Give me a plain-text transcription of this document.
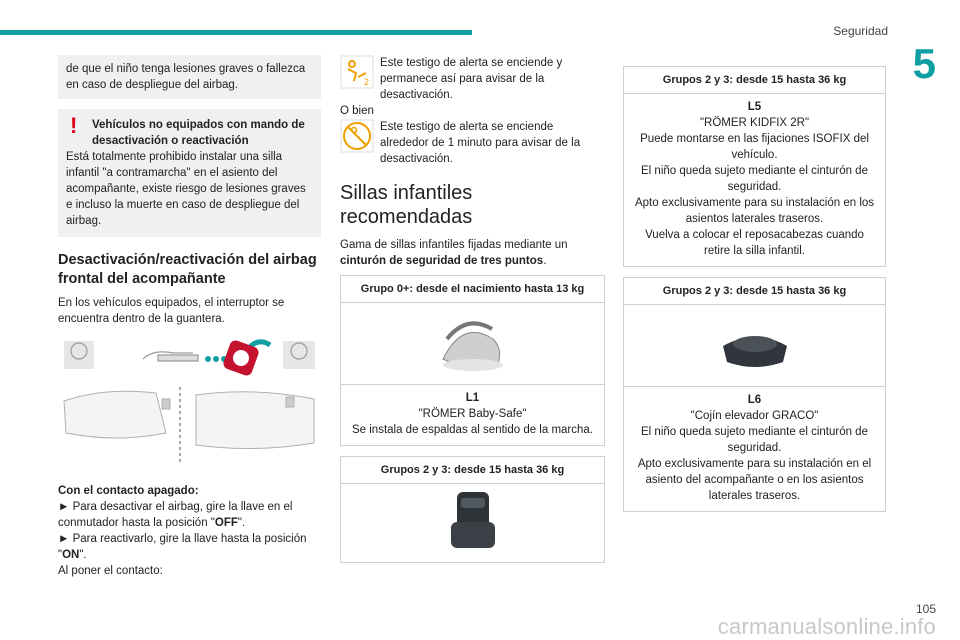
Seguridad
5
de que el niño tenga lesiones graves o fallezca en caso de despliegue del airbag.
!	Vehículos no equipados con mando de desactivación o reactivación
Está totalmente prohibido instalar una silla infantil "a contramarcha" en el asiento del acompañante, existe riesgo de lesiones graves e incluso la muerte en caso de despliegue del airbag.
Desactivación/reactivación del airbag frontal del acompañante
En los vehículos equipados, el interruptor se encuentra dentro de la guantera.
Con el contacto apagado:
► Para desactivar el airbag, gire la llave en el conmutador hasta la posición "OFF".
► Para reactivarlo, gire la llave hasta la posición "ON".
Al poner el contacto:
2
Este testigo de alerta se enciende y permanece así para avisar de la desactivación.
O bien
Este testigo de alerta se enciende alrededor de 1 minuto para avisar de la desactivación.
Sillas infantiles recomendadas
Gama de sillas infantiles fijadas mediante un cinturón de seguridad de tres puntos.
Grupo 0+: desde el nacimiento hasta 13 kg
L1
"RÖMER Baby-Safe"
Se instala de espaldas al sentido de la marcha.
Grupos 2 y 3: desde 15 hasta 36 kg
Grupos 2 y 3: desde 15 hasta 36 kg
L5
"RÖMER KIDFIX 2R"
Puede montarse en las fijaciones ISOFIX del vehículo.
El niño queda sujeto mediante el cinturón de seguridad.
Apto exclusivamente para su instalación en los asientos laterales traseros.
Vuelva a colocar el reposacabezas cuando retire la silla infantil.
Grupos 2 y 3: desde 15 hasta 36 kg
L6
"Cojín elevador GRACO"
El niño queda sujeto mediante el cinturón de seguridad.
Apto exclusivamente para su instalación en el asiento del acompañante o en los asientos laterales traseros.
105
carmanualsonline.info
